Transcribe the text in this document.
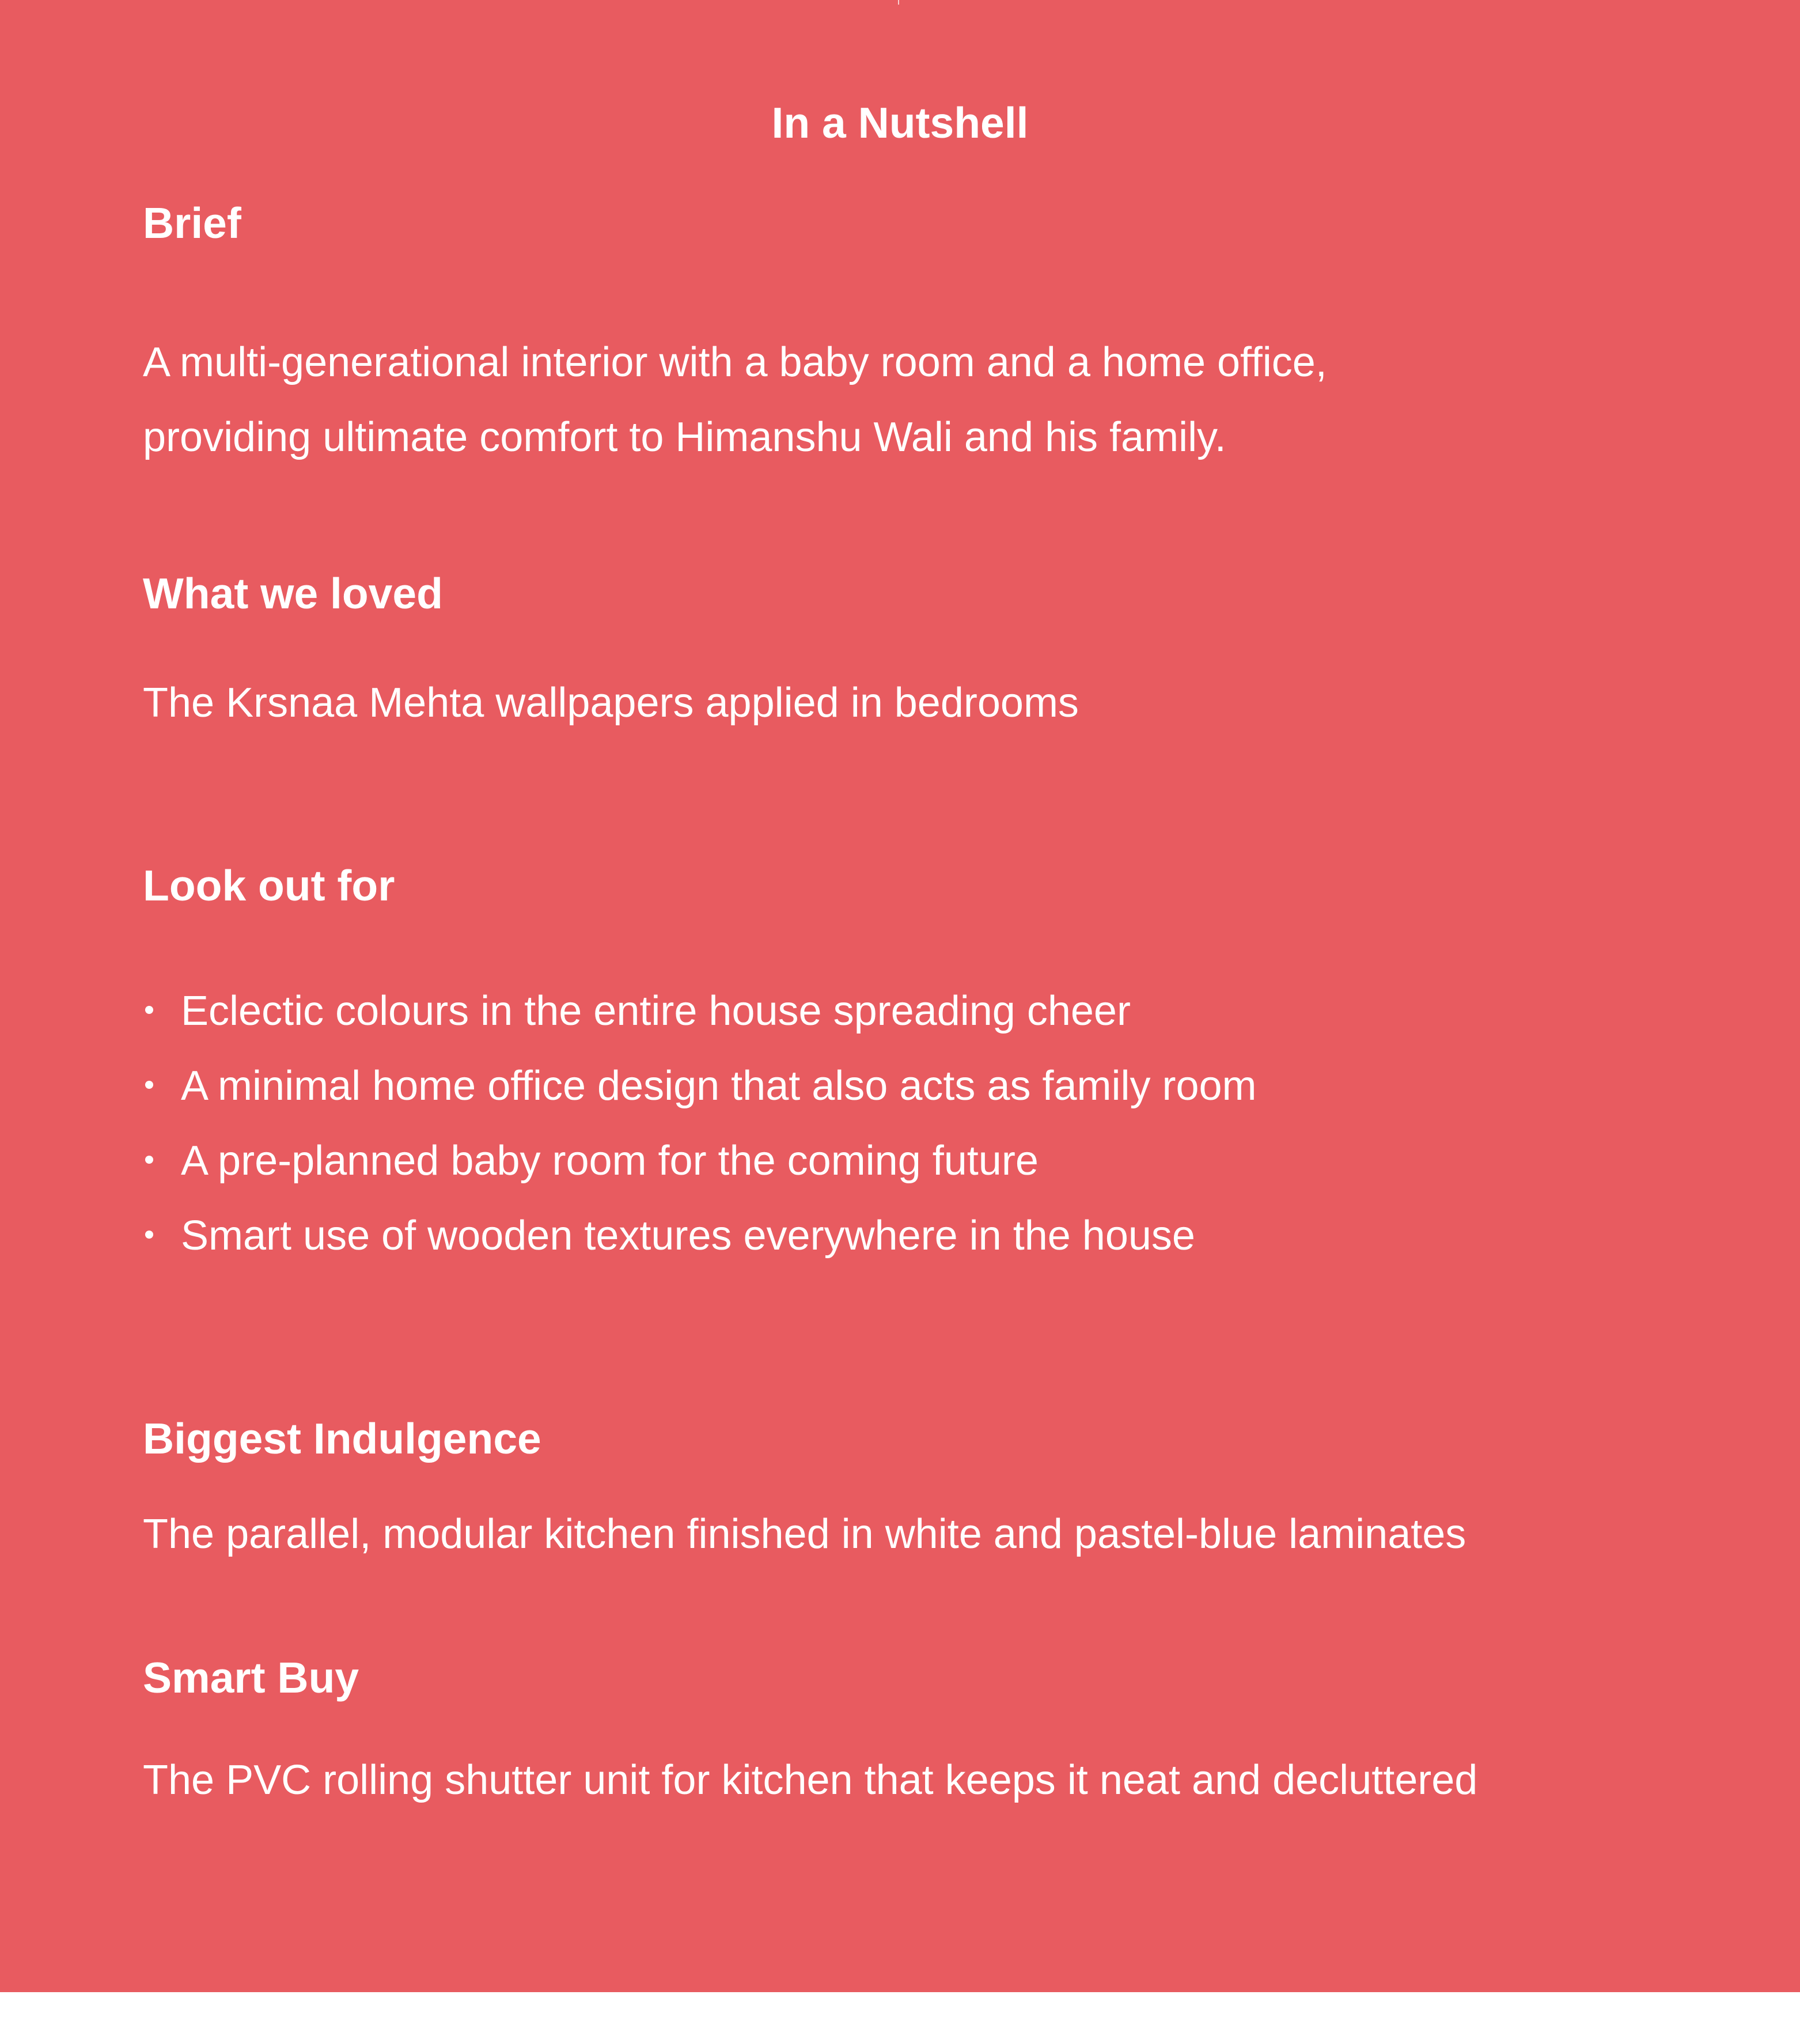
In a Nutshell
Brief
A multi-generational interior with a baby room and a home office,
providing ultimate comfort to Himanshu Wali and his family.
What we loved
The Krsnaa Mehta wallpapers applied in bedrooms
Look out for
Eclectic colours in the entire house spreading cheer
A minimal home office design that also acts as family room
A pre-planned baby room for the coming future
Smart use of wooden textures everywhere in the house
Biggest Indulgence
The parallel, modular kitchen finished in white and pastel-blue laminates
Smart Buy
The PVC rolling shutter unit for kitchen that keeps it neat and decluttered
